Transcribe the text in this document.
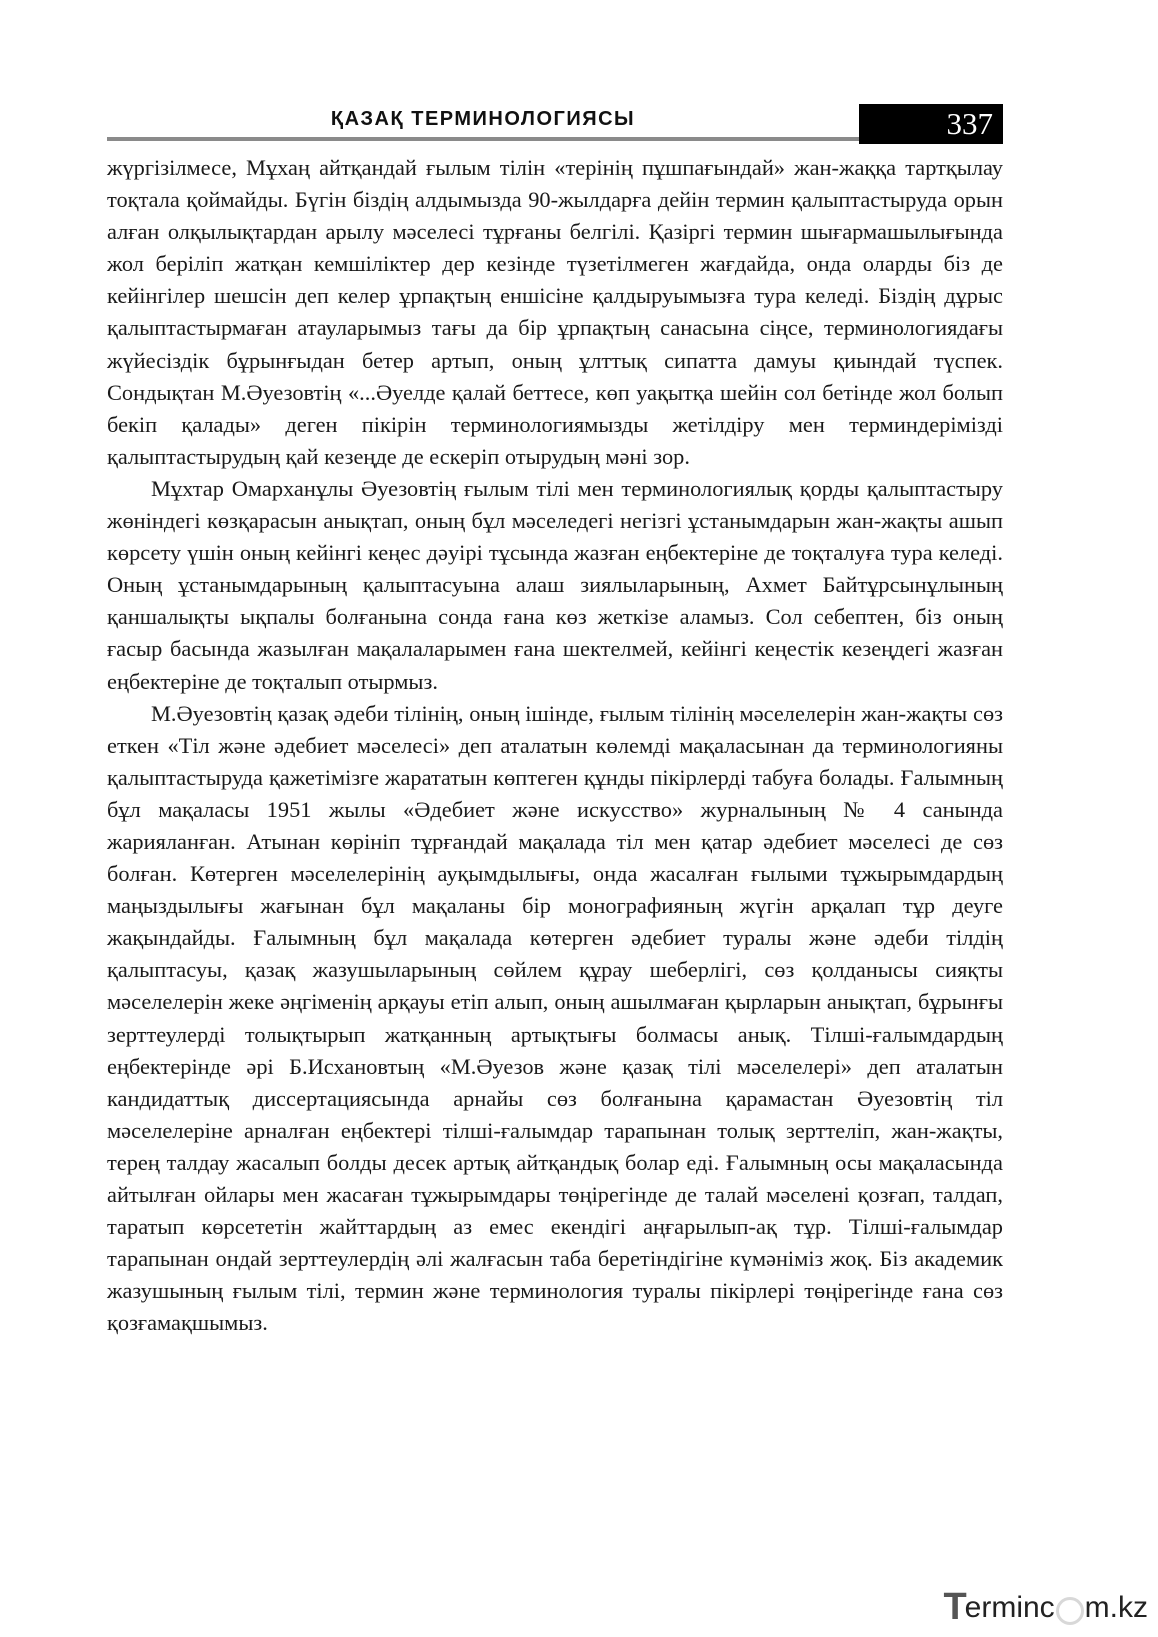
ҚАЗАҚ ТЕРМИНОЛОГИЯСЫ	337

жүргізілмесе, Мұхаң айтқандай ғылым тілін «терінің пұшпағындай» жан-жаққа тартқылау тоқтала қоймайды. Бүгін біздің алдымызда 90-жылдарға дейін термин қалыптастыруда орын алған олқылықтардан арылу мәселесі тұрғаны белгілі. Қазіргі термин шығармашылығында жол беріліп жатқан кемшіліктер дер кезінде түзетілмеген жағдайда, онда оларды біз де кейінгілер шешсін деп келер ұрпақтың еншісіне қалдыруымызға тура келеді. Біздің дұрыс қалыптастырмаған атауларымыз тағы да бір ұрпақтың санасына сіңсе, терминологиядағы жүйесіздік бұрынғыдан бетер артып, оның ұлттық сипатта дамуы қиындай түспек. Сондықтан М.Әуезовтің «...Әуелде қалай беттесе, көп уақытқа шейін сол бетінде жол болып бекіп қалады» деген пікірін терминологиямызды жетілдіру мен терминдерімізді қалыптастырудың қай кезеңде де ескеріп отырудың мәні зор.

Мұхтар Омарханұлы Әуезовтің ғылым тілі мен терминологиялық қорды қалыптастыру жөніндегі көзқарасын анықтап, оның бұл мәселедегі негізгі ұстанымдарын жан-жақты ашып көрсету үшін оның кейінгі кеңес дәуірі тұсында жазған еңбектеріне де тоқталуға тура келеді. Оның ұстанымдарының қалыптасуына алаш зиялыларының, Ахмет Байтұрсынұлының қаншалықты ықпалы болғанына сонда ғана көз жеткізе аламыз. Сол себептен, біз оның ғасыр басында жазылған мақалаларымен ғана шектелмей, кейінгі кеңестік кезеңдегі жазған еңбектеріне де тоқталып отырмыз.

М.Әуезовтің қазақ әдеби тілінің, оның ішінде, ғылым тілінің мәселелерін жан-жақты сөз еткен «Тіл және әдебиет мәселесі» деп аталатын көлемді мақаласынан да терминологияны қалыптастыруда қажетімізге жарататын көптеген құнды пікірлерді табуға болады. Ғалымның бұл мақаласы 1951 жылы «Әдебиет және искусство» журналының № 4 санында жарияланған. Атынан көрініп тұрғандай мақалада тіл мен қатар әдебиет мәселесі де сөз болған. Көтерген мәселелерінің ауқымдылығы, онда жасалған ғылыми тұжырымдардың маңыздылығы жағынан бұл мақаланы бір монографияның жүгін арқалап тұр деуге жақындайды. Ғалымның бұл мақалада көтерген әдебиет туралы және әдеби тілдің қалыптасуы, қазақ жазушыларының сөйлем құрау шеберлігі, сөз қолданысы сияқты мәселелерін жеке әңгіменің арқауы етіп алып, оның ашылмаған қырларын анықтап, бұрынғы зерттеулерді толықтырып жатқанның артықтығы болмасы анық. Тілші-ғалымдардың еңбектерінде әрі Б.Исхановтың «М.Әуезов және қазақ тілі мәселелері» деп аталатын кандидаттық диссертациясында арнайы сөз болғанына қарамастан Әуезовтің тіл мәселелеріне арналған еңбектері тілші-ғалымдар тарапынан толық зерттеліп, жан-жақты, терең талдау жасалып болды десек артық айтқандық болар еді. Ғалымның осы мақаласында айтылған ойлары мен жасаған тұжырымдары төңірегінде де талай мәселені қозғап, талдап, таратып көрсететін жайттардың аз емес екендігі аңғарылып-ақ тұр. Тілші-ғалымдар тарапынан ондай зерттеулердің әлі жалғасын таба беретіндігіне күмәніміз жоқ. Біз академик жазушының ғылым тілі, термин және терминология туралы пікірлері төңірегінде ғана сөз қозғамақшымыз.

T
ermin c m.kz
